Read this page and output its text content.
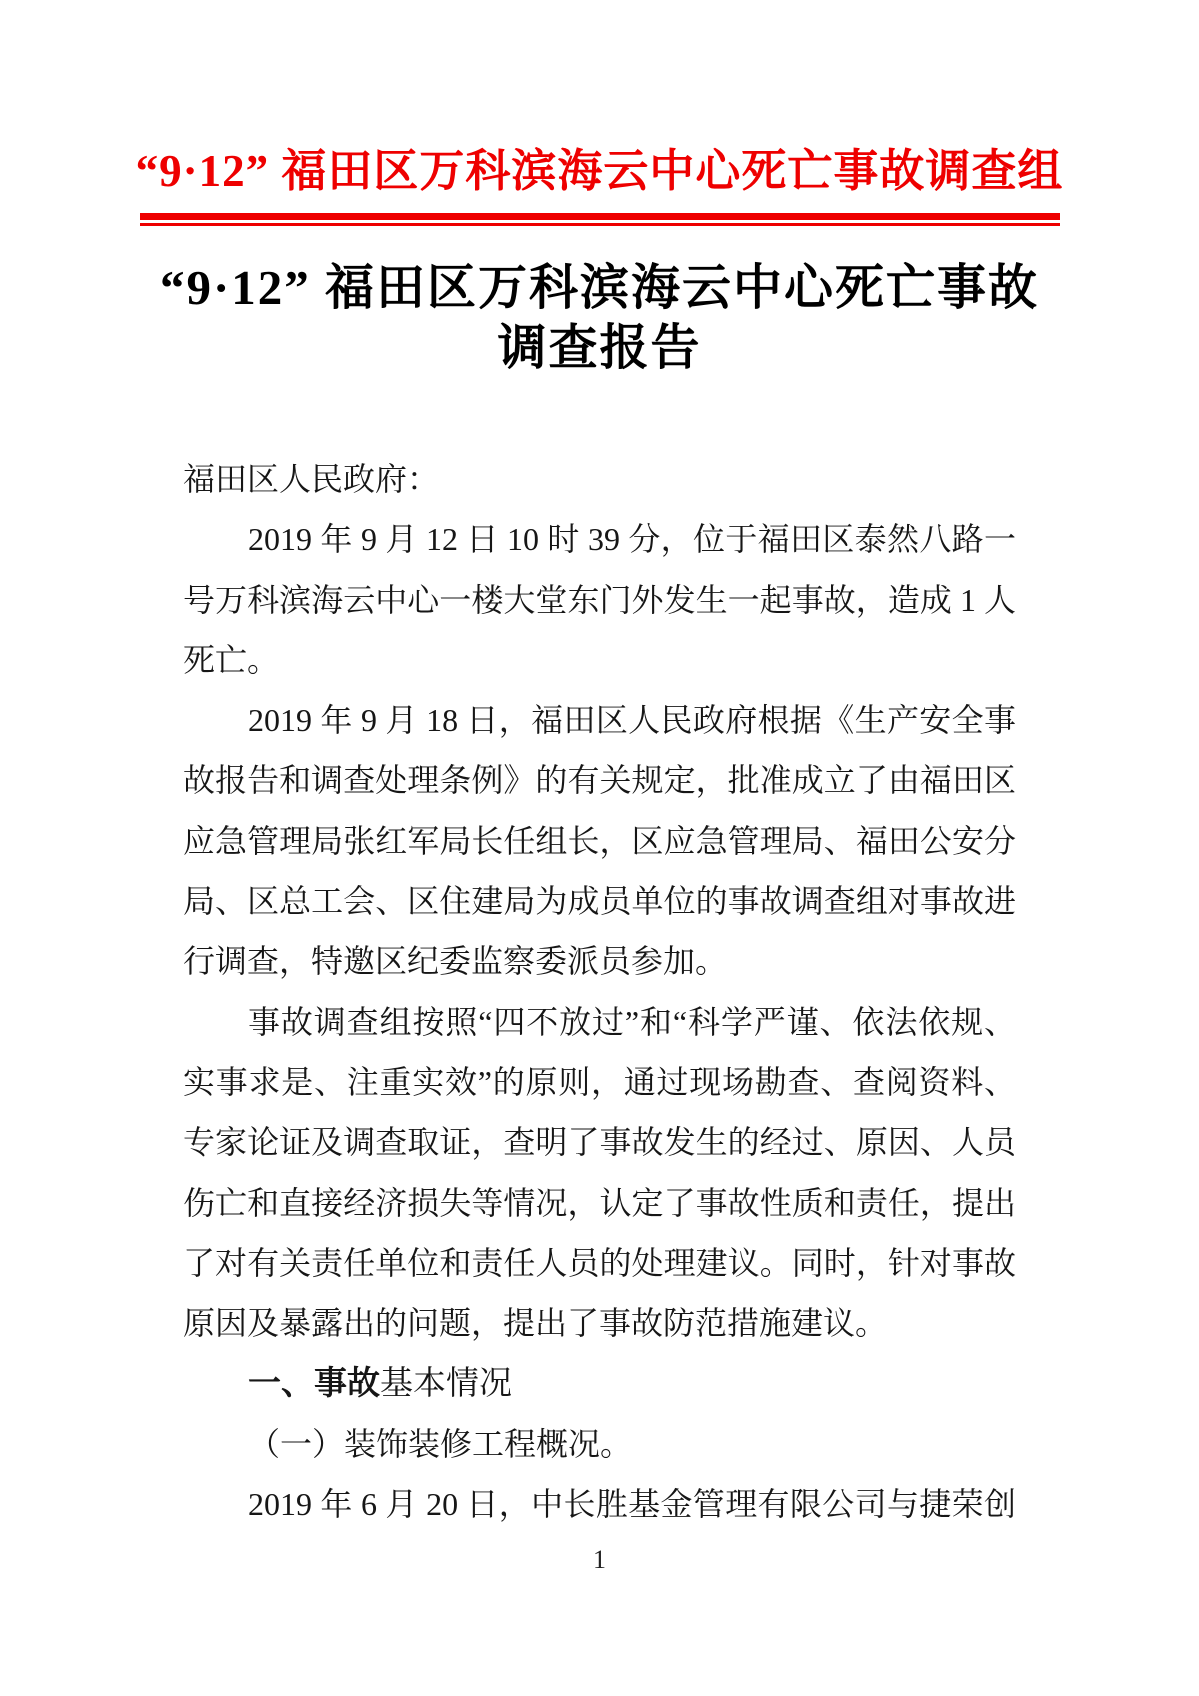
“9·12” 福田区万科滨海云中心死亡事故调查组
“9·12” 福田区万科滨海云中心死亡事故
调查报告
福田区人民政府：
2019 年 9 月 12 日 10 时 39 分，位于福田区泰然八路一
号万科滨海云中心一楼大堂东门外发生一起事故，造成 1 人
死亡。
2019 年 9 月 18 日，福田区人民政府根据《生产安全事
故报告和调查处理条例》的有关规定，批准成立了由福田区
应急管理局张红军局长任组长，区应急管理局、福田公安分
局、区总工会、区住建局为成员单位的事故调查组对事故进
行调查，特邀区纪委监察委派员参加。
事故调查组按照“四不放过”和“科学严谨、依法依规、
实事求是、注重实效”的原则，通过现场勘查、查阅资料、
专家论证及调查取证，查明了事故发生的经过、原因、人员
伤亡和直接经济损失等情况，认定了事故性质和责任，提出
了对有关责任单位和责任人员的处理建议。同时，针对事故
原因及暴露出的问题，提出了事故防范措施建议。
一、事故基本情况
（一）装饰装修工程概况。
2019 年 6 月 20 日，中长胜基金管理有限公司与捷荣创
1
